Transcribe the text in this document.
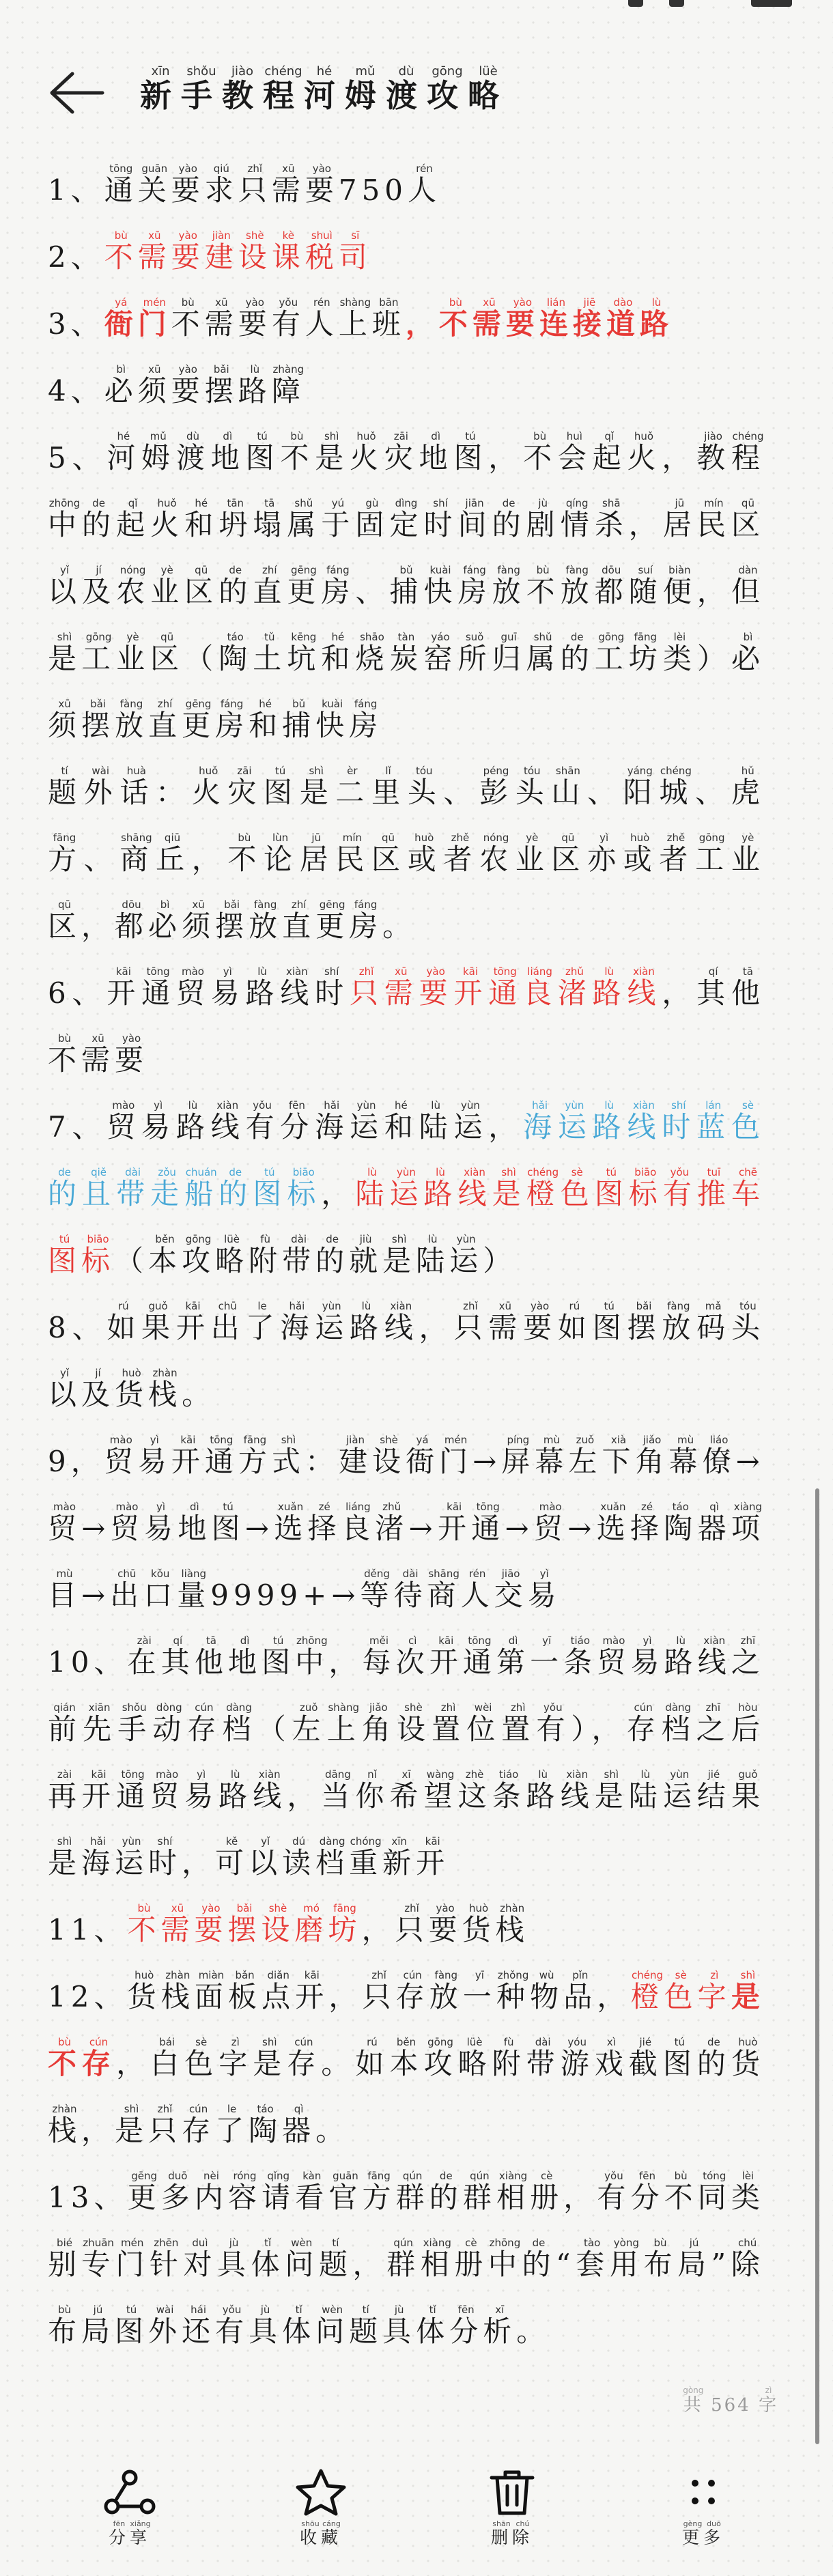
新xīn手shǒu教jiào程chéng河hé姆mǔ渡dù攻gōng略lüè

1、通tōng关guān要yào求qiú只zhǐ需xū要yào750人rén

2、不bù需xū要yào建jiàn设shè课kè税shuì司sī

3、衙yá门mén不bù需xū要yào有yǒu人rén上shàng班bān，不bù需xū要yào连lián接jiē道dào路lù

4、必bì须xū要yào摆bǎi路lù障zhàng

5、河hé姆mǔ渡dù地dì图tú不bù是shì火huǒ灾zāi地dì图tú，不bù会huì起qǐ火huǒ，教jiào程chéng中zhōng的de起qǐ火huǒ和hé坍tān塌tā属shǔ于yú固gù定dìng时shí间jiān的de剧jù情qíng杀shā，居jū民mín区qū以yǐ及jí农nóng业yè区qū的de直zhí更gēng房fáng、捕bǔ快kuài房fáng放fàng不bù放fàng都dōu随suí便biàn，但dàn是shì工gōng业yè区qū（陶táo土tǔ坑kēng和hé烧shāo炭tàn窑yáo所suǒ归guī属shǔ的de工gōng坊fāng类lèi）必bì须xū摆bǎi放fàng直zhí更gēng房fáng和hé捕bǔ快kuài房fáng

题tí外wài话huà：火huǒ灾zāi图tú是shì二èr里lǐ头tóu、彭péng头tóu山shān、阳yáng城chéng、虎hǔ方fāng、商shāng丘qiū，不bù论lùn居jū民mín区qū或huò者zhě农nóng业yè区qū亦yì或huò者zhě工gōng业yè区qū，都dōu必bì须xū摆bǎi放fàng直zhí更gēng房fáng。

6、开kāi通tōng贸mào易yì路lù线xiàn时shí只zhǐ需xū要yào开kāi通tōng良liáng渚zhǔ路lù线xiàn，其qí他tā不bù需xū要yào

7、贸mào易yì路lù线xiàn有yǒu分fēn海hǎi运yùn和hé陆lù运yùn，海hǎi运yùn路lù线xiàn时shí蓝lán色sè的de且qiě带dài走zǒu船chuán的de图tú标biāo，陆lù运yùn路lù线xiàn是shì橙chéng色sè图tú标biāo有yǒu推tuī车chē图tú标biāo（本běn攻gōng略lüè附fù带dài的de就jiù是shì陆lù运yùn）

8、如rú果guǒ开kāi出chū了le海hǎi运yùn路lù线xiàn，只zhǐ需xū要yào如rú图tú摆bǎi放fàng码mǎ头tóu以yǐ及jí货huò栈zhàn。

9，贸mào易yì开kāi通tōng方fāng式shì：建jiàn设shè衙yá门mén→屏píng幕mù左zuǒ下xià角jiǎo幕mù僚liáo→贸mào→贸mào易yì地dì图tú→选xuǎn择zé良liáng渚zhǔ→开kāi通tōng→贸mào→选xuǎn择zé陶táo器qì项xiàng目mù→出chū口kǒu量liàng9999+→等děng待dài商shāng人rén交jiāo易yì

10、在zài其qí他tā地dì图tú中zhōng，每měi次cì开kāi通tōng第dì一yī条tiáo贸mào易yì路lù线xiàn之zhī前qián先xiān手shǒu动dòng存cún档dàng（左zuǒ上shàng角jiǎo设shè置zhì位wèi置zhì有yǒu），存cún档dàng之zhī后hòu再zài开kāi通tōng贸mào易yì路lù线xiàn，当dāng你nǐ希xī望wàng这zhè条tiáo路lù线xiàn是shì陆lù运yùn结jié果guǒ是shì海hǎi运yùn时shí，可kě以yǐ读dú档dàng重chóng新xīn开kāi

11、不bù需xū要yào摆bǎi设shè磨mó坊fāng，只zhǐ要yào货huò栈zhàn

12、货huò栈zhàn面miàn板bǎn点diǎn开kāi，只zhǐ存cún放fàng一yī种zhǒng物wù品pǐn，橙chéng色sè字zì是shì不bù存cún，白bái色sè字zì是shì存cún。如rú本běn攻gōng略lüè附fù带dài游yóu戏xì截jié图tú的de货huò栈zhàn，是shì只zhǐ存cún了le陶táo器qì。

13、更gēng多duō内nèi容róng请qǐng看kàn官guān方fāng群qún的de群qún相xiàng册cè，有yǒu分fēn不bù同tóng类lèi别bié专zhuān门mén针zhēn对duì具jù体tǐ问wèn题tí，群qún相xiàng册cè中zhōng的de“套tào用yòng布bù局jú”除chú布bù局jú图tú外wài还hái有yǒu具jù体tǐ问wèn题tí具jù体tǐ分fēn析xī。

共gòng 564 字zì
分fēn享xiǎng
收shōu藏cáng
删shān除chú
更gèng多duō
